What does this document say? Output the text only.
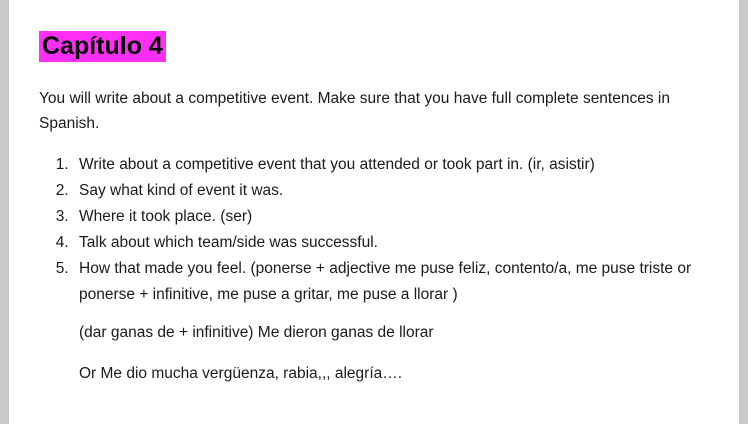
Capítulo 4

You will write about a competitive event. Make sure that you have full complete sentences in Spanish.

1. Write about a competitive event that you attended or took part in. (ir, asistir)
2. Say what kind of event it was.
3. Where it took place. (ser)
4. Talk about which team/side was successful.
5. How that made you feel. (ponerse + adjective me puse feliz, contento/a, me puse triste or ponerse + infinitive, me puse a gritar, me puse a llorar )

(dar ganas de + infinitive) Me dieron ganas de llorar

Or Me dio mucha vergüenza, rabia,,, alegría….
